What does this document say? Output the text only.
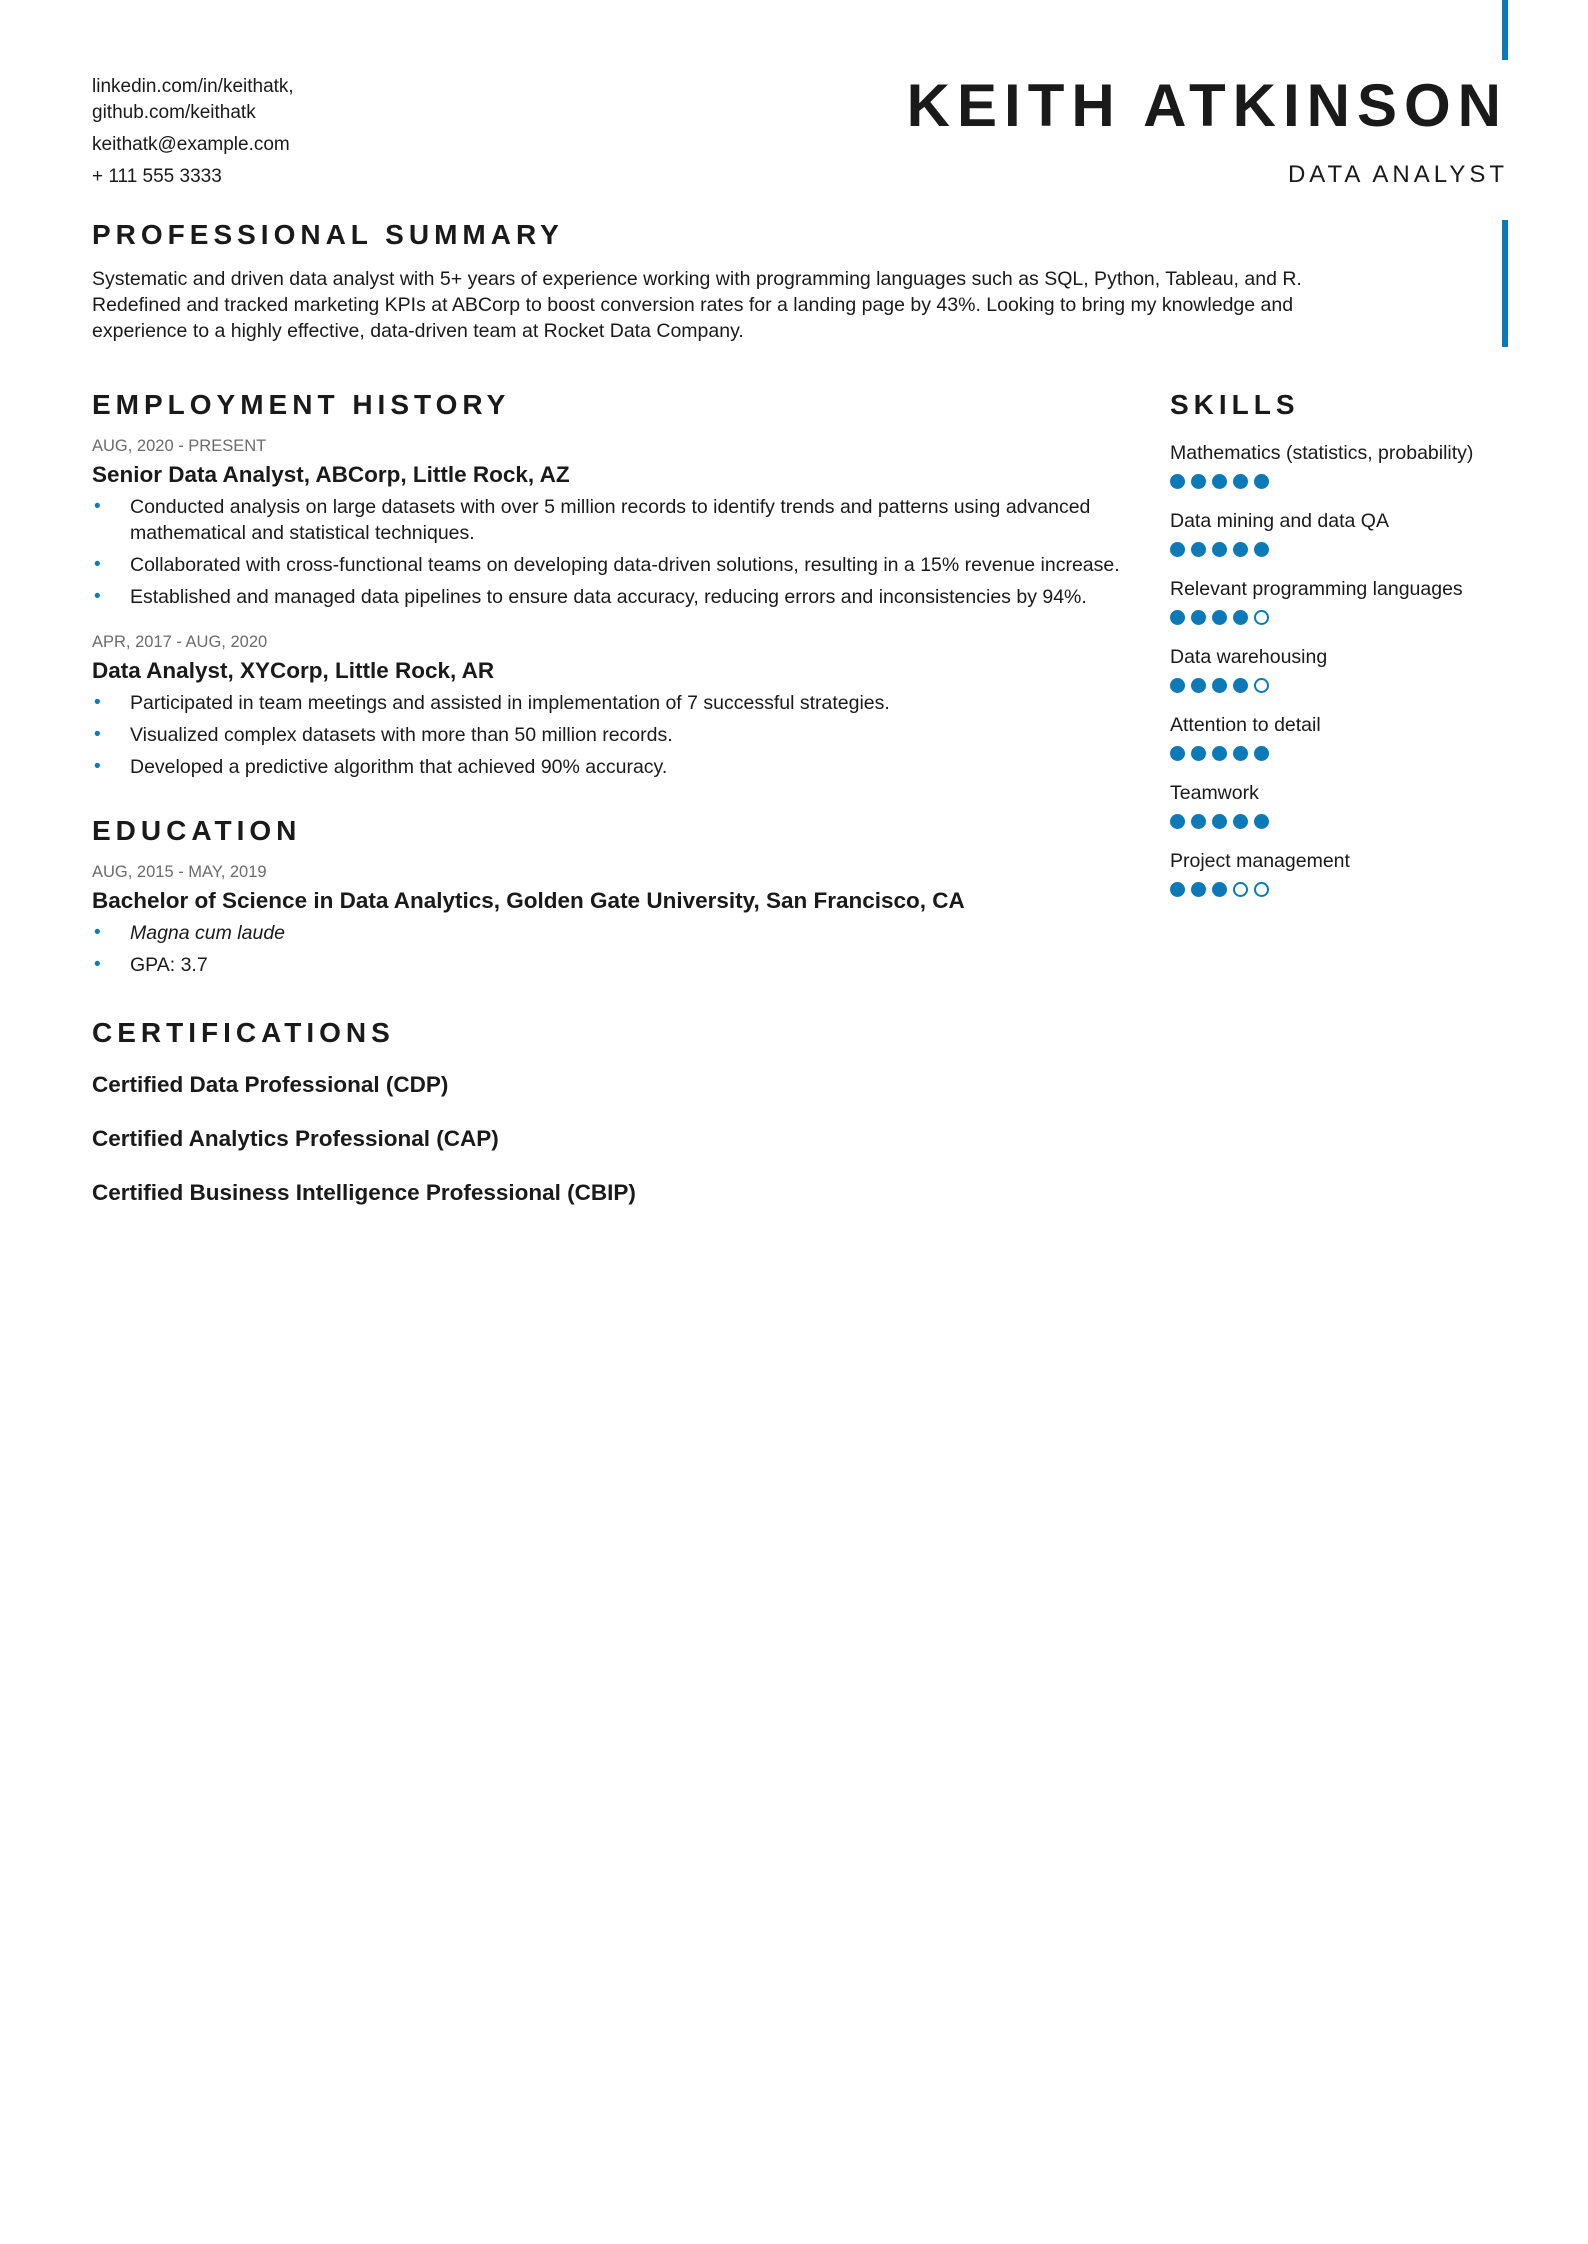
linkedin.com/in/keithatk,
github.com/keithatk
keithatk@example.com
+ 111 555 3333
KEITH ATKINSON
DATA ANALYST
PROFESSIONAL SUMMARY

Systematic and driven data analyst with 5+ years of experience working with programming languages such as SQL, Python, Tableau, and R. Redefined and tracked marketing KPIs at ABCorp to boost conversion rates for a landing page by 43%. Looking to bring my knowledge and experience to a highly effective, data-driven team at Rocket Data Company.

EMPLOYMENT HISTORY
AUG, 2020 - PRESENT
Senior Data Analyst, ABCorp, Little Rock, AZ
• Conducted analysis on large datasets with over 5 million records to identify trends and patterns using advanced mathematical and statistical techniques.
• Collaborated with cross-functional teams on developing data-driven solutions, resulting in a 15% revenue increase.
• Established and managed data pipelines to ensure data accuracy, reducing errors and inconsistencies by 94%.
APR, 2017 - AUG, 2020
Data Analyst, XYCorp, Little Rock, AR
• Participated in team meetings and assisted in implementation of 7 successful strategies.
• Visualized complex datasets with more than 50 million records.
• Developed a predictive algorithm that achieved 90% accuracy.
EDUCATION
AUG, 2015 - MAY, 2019
Bachelor of Science in Data Analytics, Golden Gate University, San Francisco, CA
• Magna cum laude
• GPA: 3.7
CERTIFICATIONS
Certified Data Professional (CDP)
Certified Analytics Professional (CAP)
Certified Business Intelligence Professional (CBIP)
SKILLS
Mathematics (statistics, probability)
Data mining and data QA
Relevant programming languages
Data warehousing
Attention to detail
Teamwork
Project management
